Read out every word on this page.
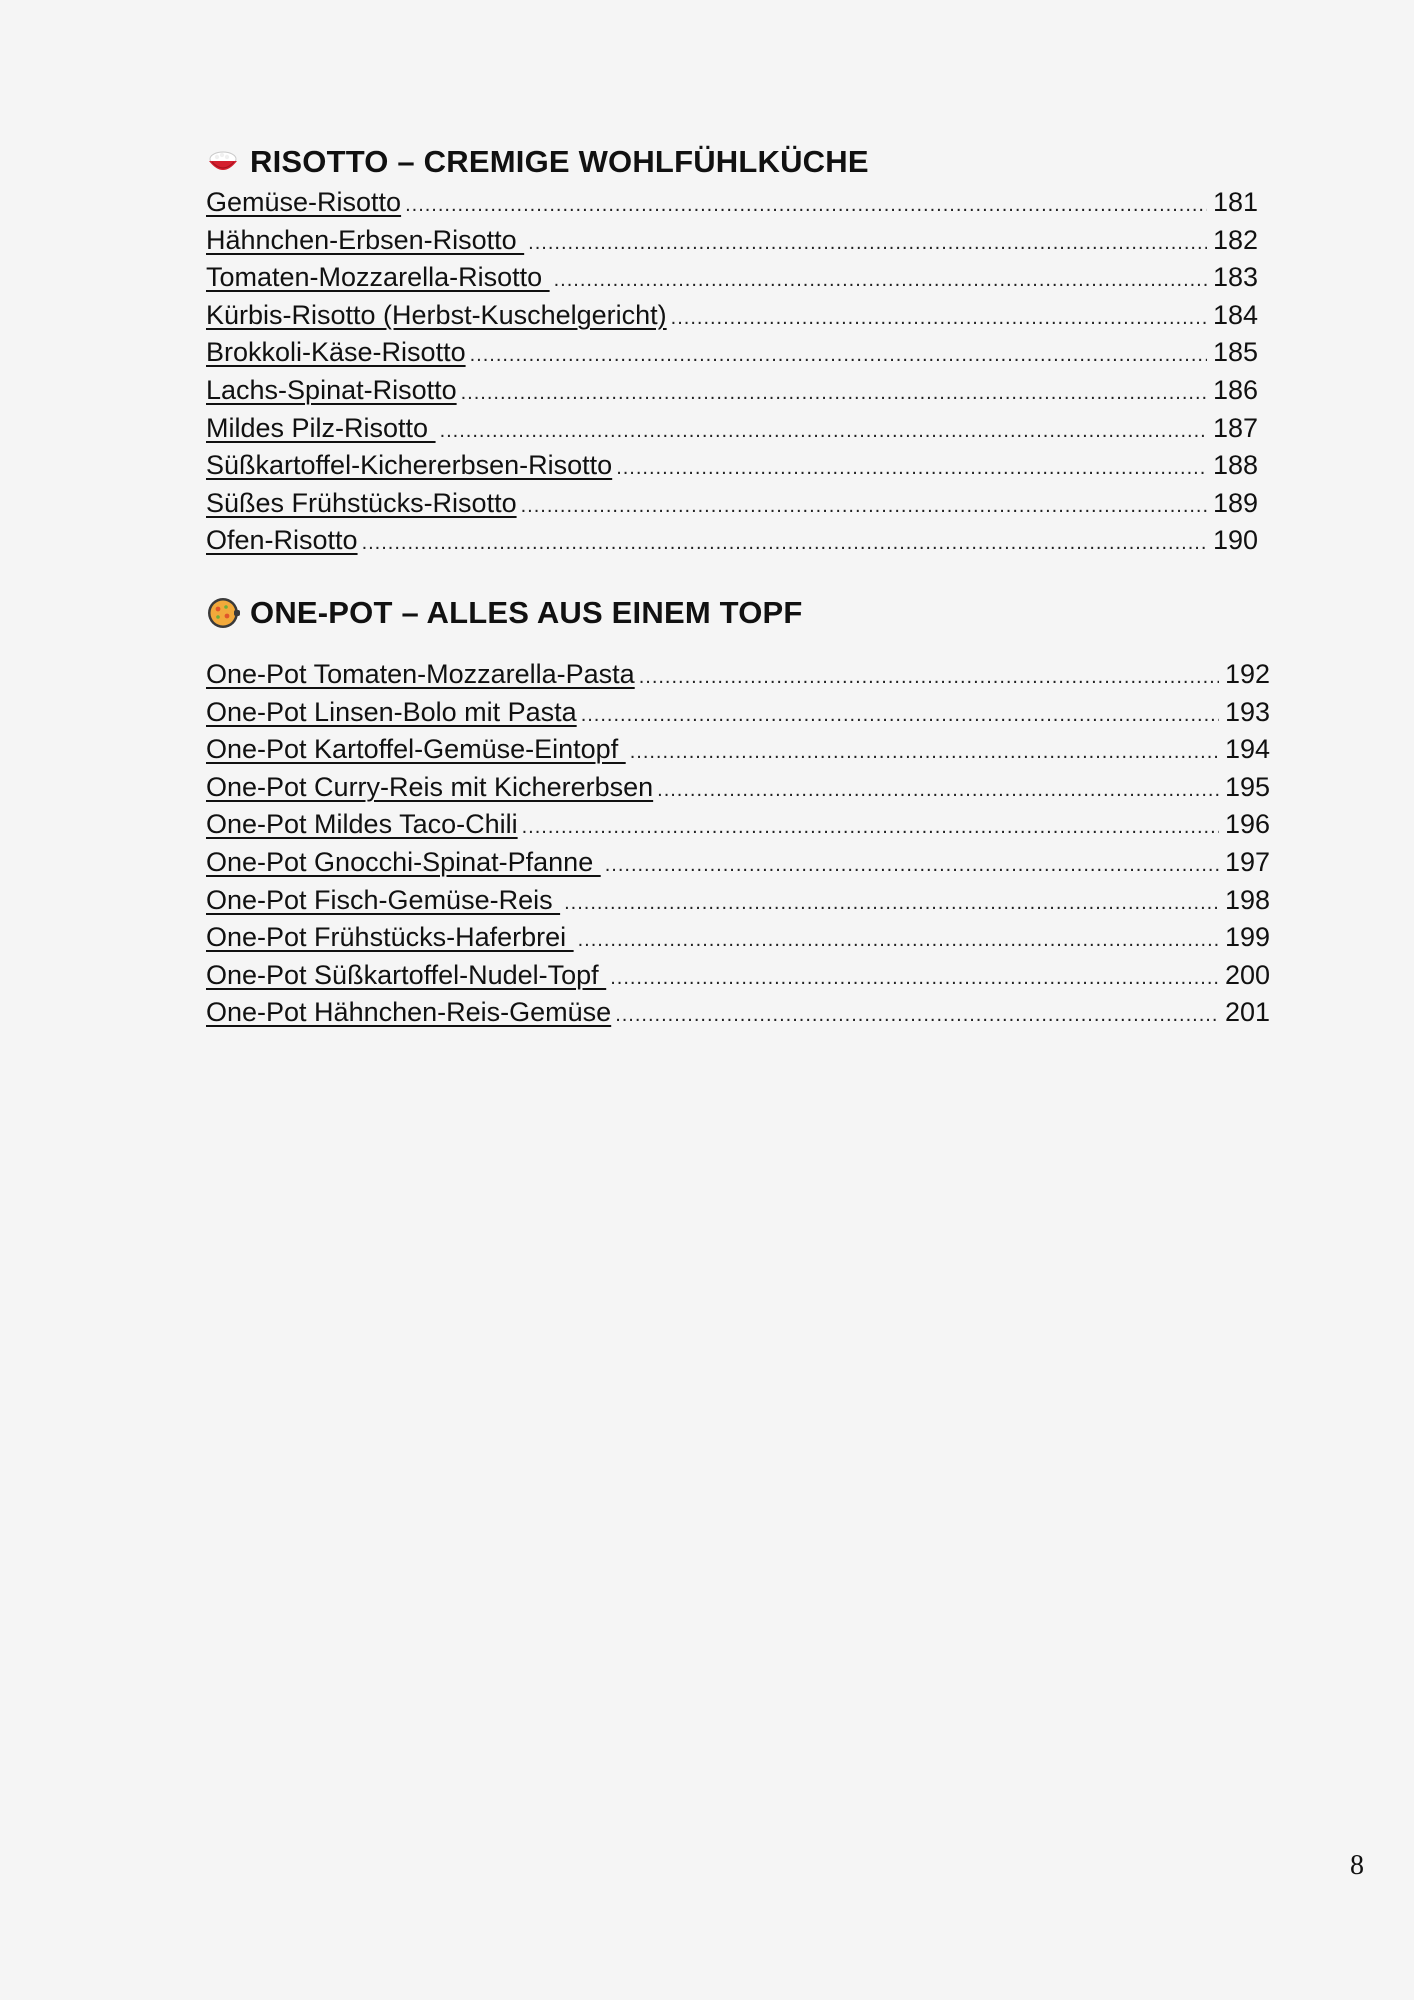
RISOTTO – CREMIGE WOHLFÜHLKÜCHE
Gemüse-Risotto .....	181
Hähnchen-Erbsen-Risotto .....	182
Tomaten-Mozzarella-Risotto .....	183
Kürbis-Risotto (Herbst-Kuschelgericht) .....	184
Brokkoli-Käse-Risotto .....	185
Lachs-Spinat-Risotto .....	186
Mildes Pilz-Risotto .....	187
Süßkartoffel-Kichererbsen-Risotto .....	188
Süßes Frühstücks-Risotto .....	189
Ofen-Risotto .....	190
ONE-POT – ALLES AUS EINEM TOPF
One-Pot Tomaten-Mozzarella-Pasta .....	192
One-Pot Linsen-Bolo mit Pasta .....	193
One-Pot Kartoffel-Gemüse-Eintopf .....	194
One-Pot Curry-Reis mit Kichererbsen .....	195
One-Pot Mildes Taco-Chili .....	196
One-Pot Gnocchi-Spinat-Pfanne .....	197
One-Pot Fisch-Gemüse-Reis .....	198
One-Pot Frühstücks-Haferbrei .....	199
One-Pot Süßkartoffel-Nudel-Topf .....	200
One-Pot Hähnchen-Reis-Gemüse .....	201
8
